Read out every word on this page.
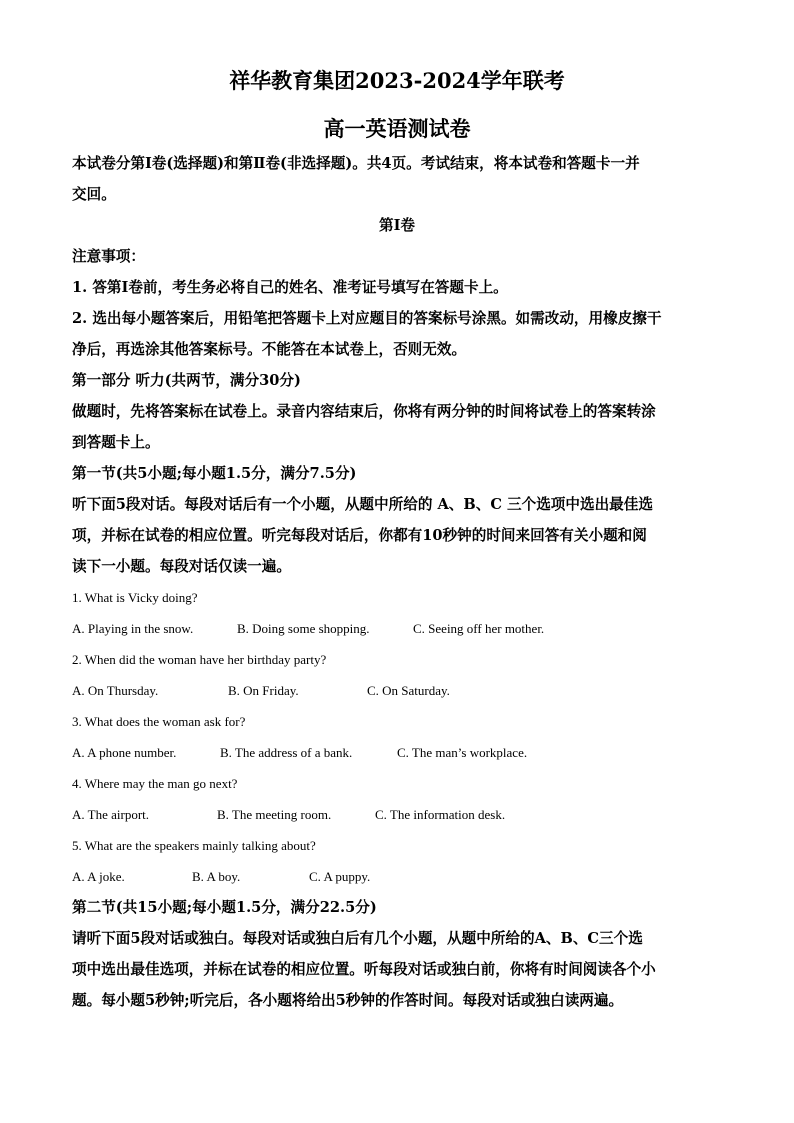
祥华教育集团2023-2024学年联考
高一英语测试卷

本试卷分第Ⅰ卷(选择题)和第Ⅱ卷(非选择题)。共4页。考试结束，将本试卷和答题卡一并

交回。

第Ⅰ卷

注意事项：

1. 答第Ⅰ卷前，考生务必将自己的姓名、准考证号填写在答题卡上。

2. 选出每小题答案后，用铅笔把答题卡上对应题目的答案标号涂黑。如需改动，用橡皮擦干

净后，再选涂其他答案标号。不能答在本试卷上，否则无效。

第一部分 听力(共两节，满分30分)

做题时，先将答案标在试卷上。录音内容结束后，你将有两分钟的时间将试卷上的答案转涂

到答题卡上。

第一节(共5小题;每小题1.5分，满分7.5分)

听下面5段对话。每段对话后有一个小题，从题中所给的 A、B、C 三个选项中选出最佳选

项，并标在试卷的相应位置。听完每段对话后，你都有10秒钟的时间来回答有关小题和阅

读下一小题。每段对话仅读一遍。

1. What is Vicky doing?

A. Playing in the snow.	B. Doing some shopping.	C. Seeing off her mother.

2. When did the woman have her birthday party?

A. On Thursday.	B. On Friday.	C. On Saturday.

3. What does the woman ask for?

A. A phone number.	B. The address of a bank.	C. The man’s workplace.

4. Where may the man go next?

A. The airport.	B. The meeting room.	C. The information desk.

5. What are the speakers mainly talking about?

A. A joke.	B. A boy.	C. A puppy.

第二节(共15小题;每小题1.5分，满分22.5分)

请听下面5段对话或独白。每段对话或独白后有几个小题，从题中所给的A、B、C三个选

项中选出最佳选项，并标在试卷的相应位置。听每段对话或独白前，你将有时间阅读各个小

题。每小题5秒钟;听完后，各小题将给出5秒钟的作答时间。每段对话或独白读两遍。
